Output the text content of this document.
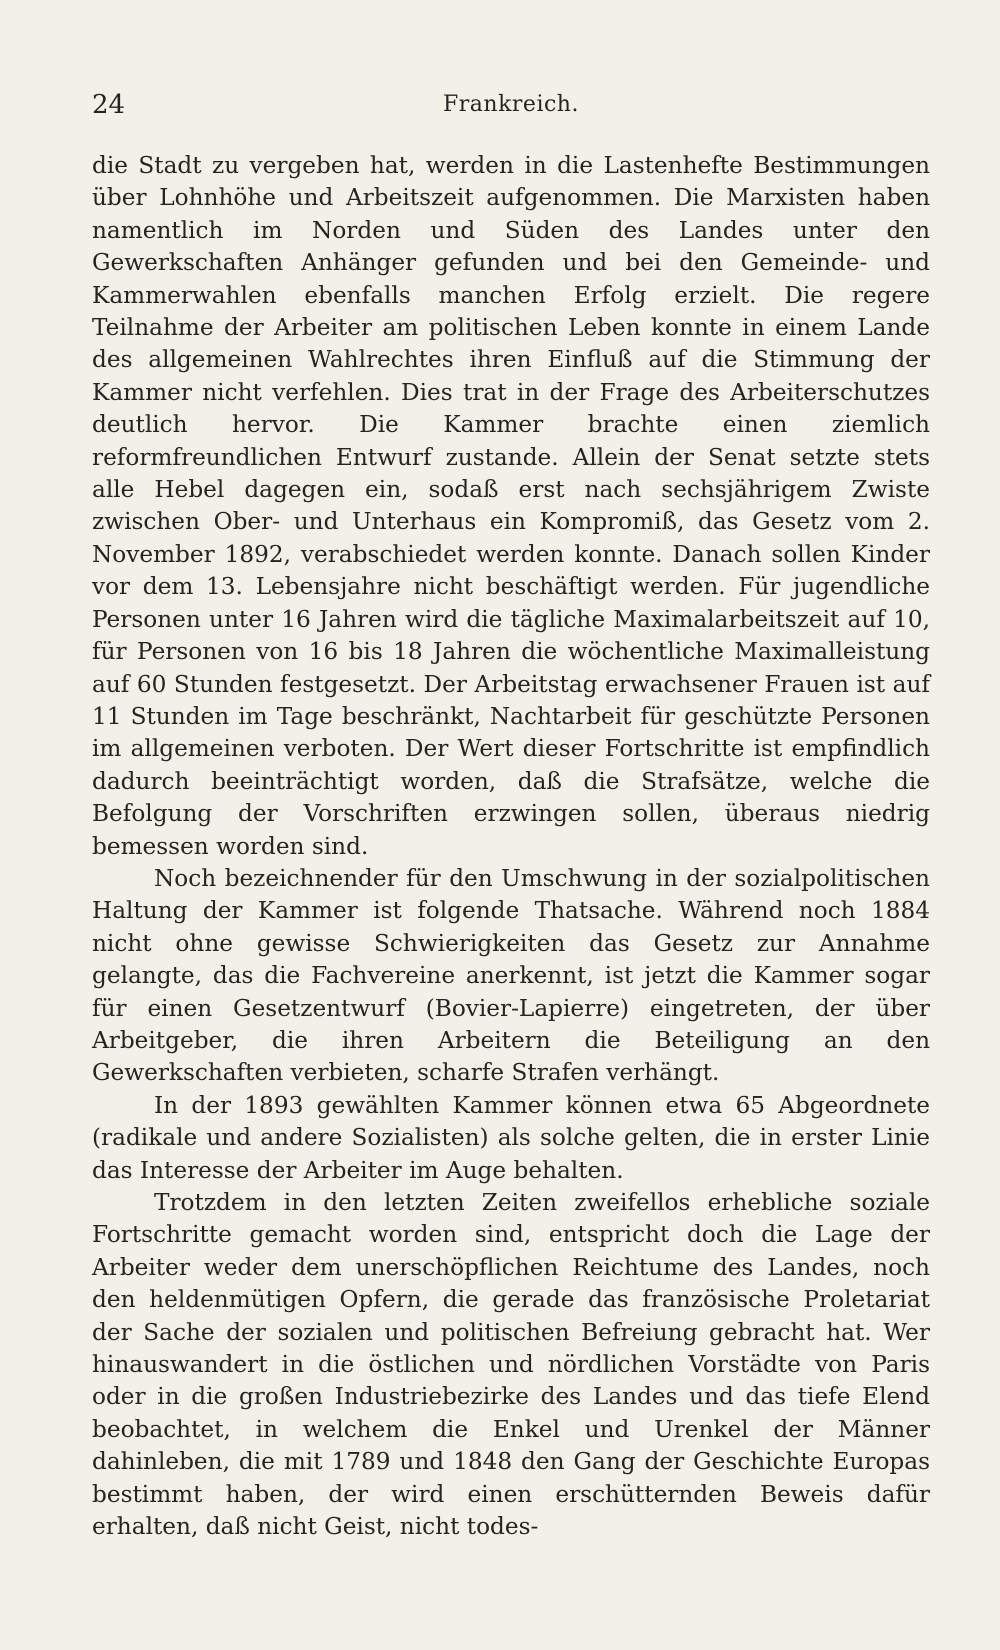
24	Frankreich.

die Stadt zu vergeben hat, werden in die Lastenhefte Bestimmungen über Lohnhöhe und Arbeitszeit aufgenommen. Die Marxisten haben namentlich im Norden und Süden des Landes unter den Gewerkschaften Anhänger gefunden und bei den Gemeinde- und Kammerwahlen ebenfalls manchen Erfolg erzielt. Die regere Teilnahme der Arbeiter am politischen Leben konnte in einem Lande des allgemeinen Wahlrechtes ihren Einfluß auf die Stimmung der Kammer nicht verfehlen. Dies trat in der Frage des Arbeiterschutzes deutlich hervor. Die Kammer brachte einen ziemlich reformfreundlichen Entwurf zustande. Allein der Senat setzte stets alle Hebel dagegen ein, sodaß erst nach sechsjährigem Zwiste zwischen Ober- und Unterhaus ein Kompromiß, das Gesetz vom 2. November 1892, verabschiedet werden konnte. Danach sollen Kinder vor dem 13. Lebensjahre nicht beschäftigt werden. Für jugendliche Personen unter 16 Jahren wird die tägliche Maximalarbeitszeit auf 10, für Personen von 16 bis 18 Jahren die wöchentliche Maximalleistung auf 60 Stunden festgesetzt. Der Arbeitstag erwachsener Frauen ist auf 11 Stunden im Tage beschränkt, Nachtarbeit für geschützte Personen im allgemeinen verboten. Der Wert dieser Fortschritte ist empfindlich dadurch beeinträchtigt worden, daß die Strafsätze, welche die Befolgung der Vorschriften erzwingen sollen, überaus niedrig bemessen worden sind.

Noch bezeichnender für den Umschwung in der sozialpolitischen Haltung der Kammer ist folgende Thatsache. Während noch 1884 nicht ohne gewisse Schwierigkeiten das Gesetz zur Annahme gelangte, das die Fachvereine anerkennt, ist jetzt die Kammer sogar für einen Gesetzentwurf (Bovier-Lapierre) eingetreten, der über Arbeitgeber, die ihren Arbeitern die Beteiligung an den Gewerkschaften verbieten, scharfe Strafen verhängt.

In der 1893 gewählten Kammer können etwa 65 Abgeordnete (radikale und andere Sozialisten) als solche gelten, die in erster Linie das Interesse der Arbeiter im Auge behalten.

Trotzdem in den letzten Zeiten zweifellos erhebliche soziale Fortschritte gemacht worden sind, entspricht doch die Lage der Arbeiter weder dem unerschöpflichen Reichtume des Landes, noch den heldenmütigen Opfern, die gerade das französische Proletariat der Sache der sozialen und politischen Befreiung gebracht hat. Wer hinauswandert in die östlichen und nördlichen Vorstädte von Paris oder in die großen Industriebezirke des Landes und das tiefe Elend beobachtet, in welchem die Enkel und Urenkel der Männer dahinleben, die mit 1789 und 1848 den Gang der Geschichte Europas bestimmt haben, der wird einen erschütternden Beweis dafür erhalten, daß nicht Geist, nicht todes-
